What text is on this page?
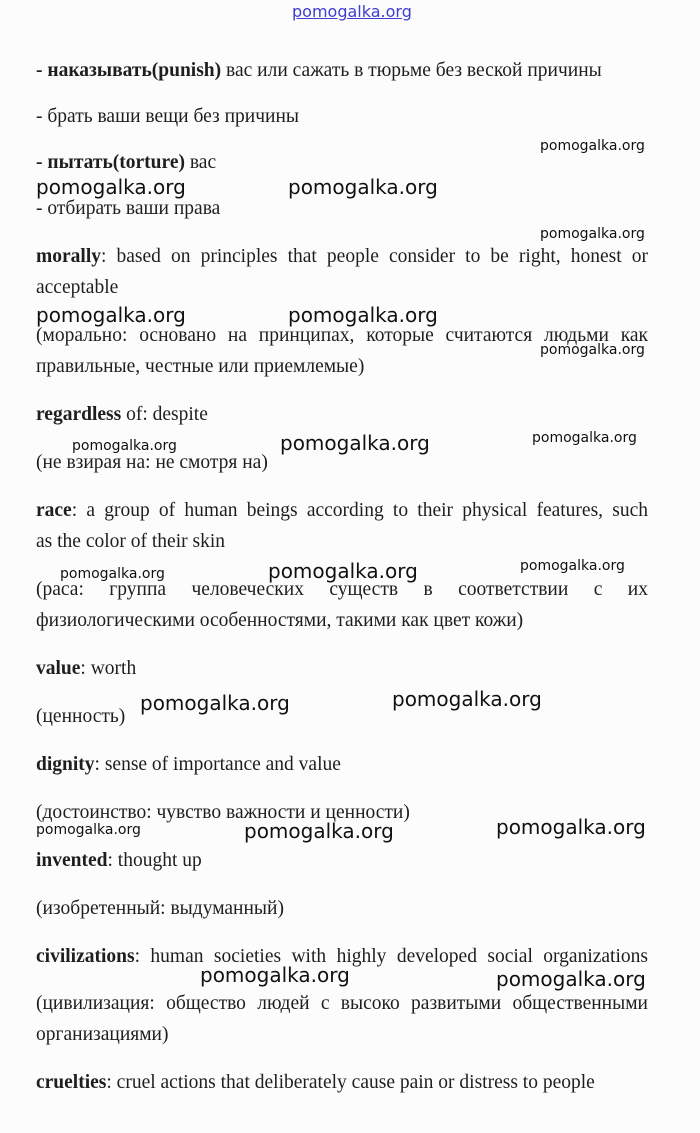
pomogalka.org
- наказывать(punish) вас или сажать в тюрьме без веской причины
- брать ваши вещи без причины
- пытать(torture) вас
- отбирать ваши права
morally: based on principles that people consider to be right, honest or
acceptable
(морально: основано на принципах, которые считаются людьми как
правильные, честные или приемлемые)
regardless of: despite
(не взирая на: не смотря на)
race: a group of human beings according to their physical features, such
as the color of their skin
(раса: группа человеческих существ в соответствии с их
физиологическими особенностями, такими как цвет кожи)
value: worth
(ценность)
dignity: sense of importance and value
(достоинство: чувство важности и ценности)
invented: thought up
(изобретенный: выдуманный)
civilizations: human societies with highly developed social organizations
(цивилизация: общество людей с высоко развитыми общественными
организациями)
cruelties: cruel actions that deliberately cause pain or distress to people
pomogalka.org
pomogalka.org	pomogalka.org
pomogalka.org
pomogalka.org	pomogalka.org
pomogalka.org
pomogalka.org
pomogalka.org
pomogalka.org
pomogalka.org
pomogalka.org
pomogalka.org
pomogalka.org
pomogalka.org
pomogalka.org
pomogalka.org	pomogalka.org
pomogalka.org	pomogalka.org
